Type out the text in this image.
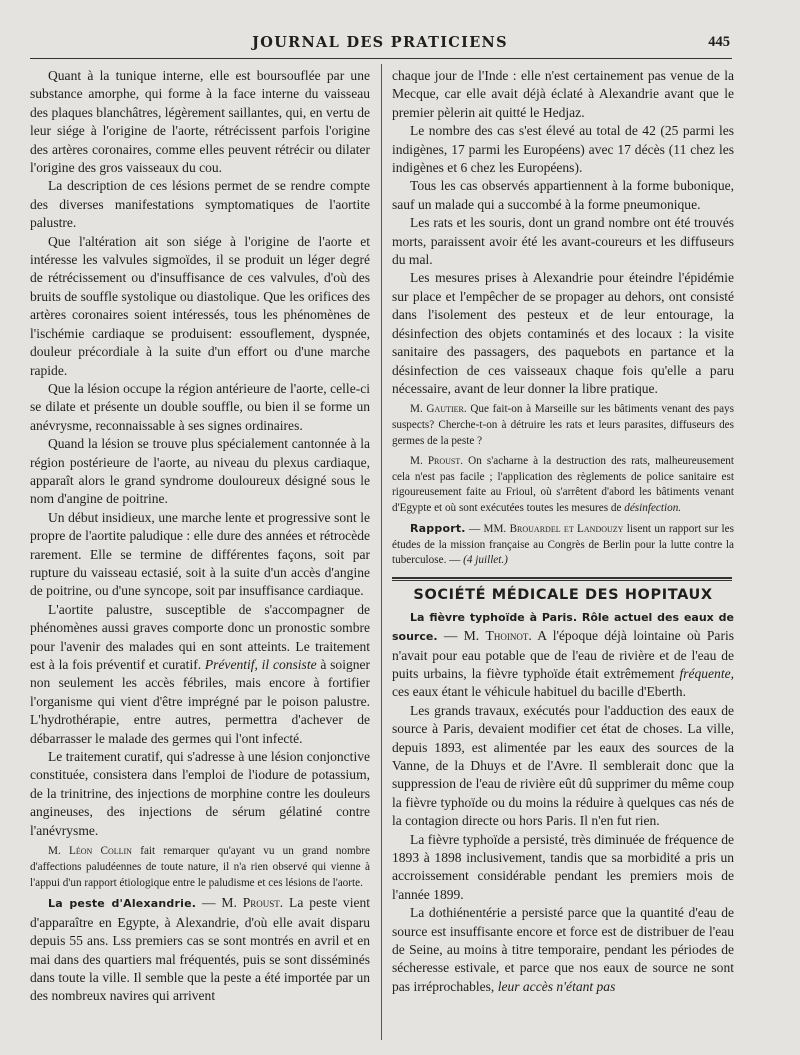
JOURNAL DES PRATICIENS	445

Quant à la tunique interne, elle est boursouflée par une substance amorphe, qui forme à la face interne du vaisseau des plaques blanchâtres, légèrement saillantes, qui, en vertu de leur siége à l'origine de l'aorte, rétrécissent parfois l'origine des artères coronaires, comme elles peuvent rétrécir ou dilater l'origine des gros vaisseaux du cou.

La description de ces lésions permet de se rendre compte des diverses manifestations symptomatiques de l'aortite palustre.

Que l'altération ait son siége à l'origine de l'aorte et intéresse les valvules sigmoïdes, il se produit un léger degré de rétrécissement ou d'insuffisance de ces valvules, d'où des bruits de souffle systolique ou diastolique. Que les orifices des artères coronaires soient intéressés, tous les phénomènes de l'ischémie cardiaque se produisent: essouflement, dyspnée, douleur précordiale à la suite d'un effort ou d'une marche rapide.

Que la lésion occupe la région antérieure de l'aorte, celle-ci se dilate et présente un double souffle, ou bien il se forme un anévrysme, reconnaissable à ses signes ordinaires.

Quand la lésion se trouve plus spécialement cantonnée à la région postérieure de l'aorte, au niveau du plexus cardiaque, apparaît alors le grand syndrome douloureux désigné sous le nom d'angine de poitrine.

Un début insidieux, une marche lente et progressive sont le propre de l'aortite paludique : elle dure des années et rétrocède rarement. Elle se termine de différentes façons, soit par rupture du vaisseau ectasié, soit à la suite d'un accès d'angine de poitrine, ou d'une syncope, soit par insuffisance cardiaque.

L'aortite palustre, susceptible de s'accompagner de phénomènes aussi graves comporte donc un pronostic sombre pour l'avenir des malades qui en sont atteints. Le traitement est à la fois préventif et curatif. Préventif, il consiste à soigner non seulement les accès fébriles, mais encore à fortifier l'organisme qui vient d'être imprégné par le poison palustre. L'hydrothérapie, entre autres, permettra d'achever de débarrasser le malade des germes qui l'ont infecté.

Le traitement curatif, qui s'adresse à une lésion conjonctive constituée, consistera dans l'emploi de l'iodure de potassium, de la trinitrine, des injections de morphine contre les douleurs angineuses, des injections de sérum gélatiné contre l'anévrysme.

M. Léon Collin fait remarquer qu'ayant vu un grand nombre d'affections paludéennes de toute nature, il n'a rien observé qui vienne à l'appui d'un rapport étiologique entre le paludisme et ces lésions de l'aorte.

La peste d'Alexandrie. — M. Proust. La peste vient d'apparaître en Egypte, à Alexandrie, d'où elle avait disparu depuis 55 ans. Lss premiers cas se sont montrés en avril et en mai dans des quartiers mal fréquentés, puis se sont disséminés dans toute la ville. Il semble que la peste a été importée par un des nombreux navires qui arrivent

chaque jour de l'Inde : elle n'est certainement pas venue de la Mecque, car elle avait déjà éclaté à Alexandrie avant que le premier pèlerin ait quitté le Hedjaz.

Le nombre des cas s'est élevé au total de 42 (25 parmi les indigènes, 17 parmi les Européens) avec 17 décès (11 chez les indigènes et 6 chez les Européens).

Tous les cas observés appartiennent à la forme bubonique, sauf un malade qui a succombé à la forme pneumonique.

Les rats et les souris, dont un grand nombre ont été trouvés morts, paraissent avoir été les avant-coureurs et les diffuseurs du mal.

Les mesures prises à Alexandrie pour éteindre l'épidémie sur place et l'empêcher de se propager au dehors, ont consisté dans l'isolement des pesteux et de leur entourage, la désinfection des objets contaminés et des locaux : la visite sanitaire des passagers, des paquebots en partance et la désinfection de ces vaisseaux chaque fois qu'elle a paru nécessaire, avant de leur donner la libre pratique.

M. Gautier. Que fait-on à Marseille sur les bâtiments venant des pays suspects? Cherche-t-on à détruire les rats et leurs parasites, diffuseurs des germes de la peste ?

M. Proust. On s'acharne à la destruction des rats, malheureusement cela n'est pas facile ; l'application des règlements de police sanitaire est rigoureusement faite au Frioul, où s'arrêtent d'abord les bâtiments venant d'Egypte et où sont exécutées toutes les mesures de désinfection.

Rapport. — MM. Brouardel et Landouzy lisent un rapport sur les études de la mission française au Congrès de Berlin pour la lutte contre la tuberculose. — (4 juillet.)

SOCIÉTÉ MÉDICALE DES HOPITAUX

La fièvre typhoïde à Paris. Rôle actuel des eaux de source. — M. Thoinot. A l'époque déjà lointaine où Paris n'avait pour eau potable que de l'eau de rivière et de l'eau de puits urbains, la fièvre typhoïde était extrêmement fréquente, ces eaux étant le véhicule habituel du bacille d'Eberth.

Les grands travaux, exécutés pour l'adduction des eaux de source à Paris, devaient modifier cet état de choses. La ville, depuis 1893, est alimentée par les eaux des sources de la Vanne, de la Dhuys et de l'Avre. Il semblerait donc que la suppression de l'eau de rivière eût dû supprimer du même coup la fièvre typhoïde ou du moins la réduire à quelques cas nés de la contagion directe ou hors Paris. Il n'en fut rien.

La fièvre typhoïde a persisté, très diminuée de fréquence de 1893 à 1898 inclusivement, tandis que sa morbidité a pris un accroissement considérable pendant les premiers mois de l'année 1899.

La dothiénentérie a persisté parce que la quantité d'eau de source est insuffisante encore et force est de distribuer de l'eau de Seine, au moins à titre temporaire, pendant les périodes de sécheresse estivale, et parce que nos eaux de source ne sont pas irréprochables, leur accès n'étant pas
